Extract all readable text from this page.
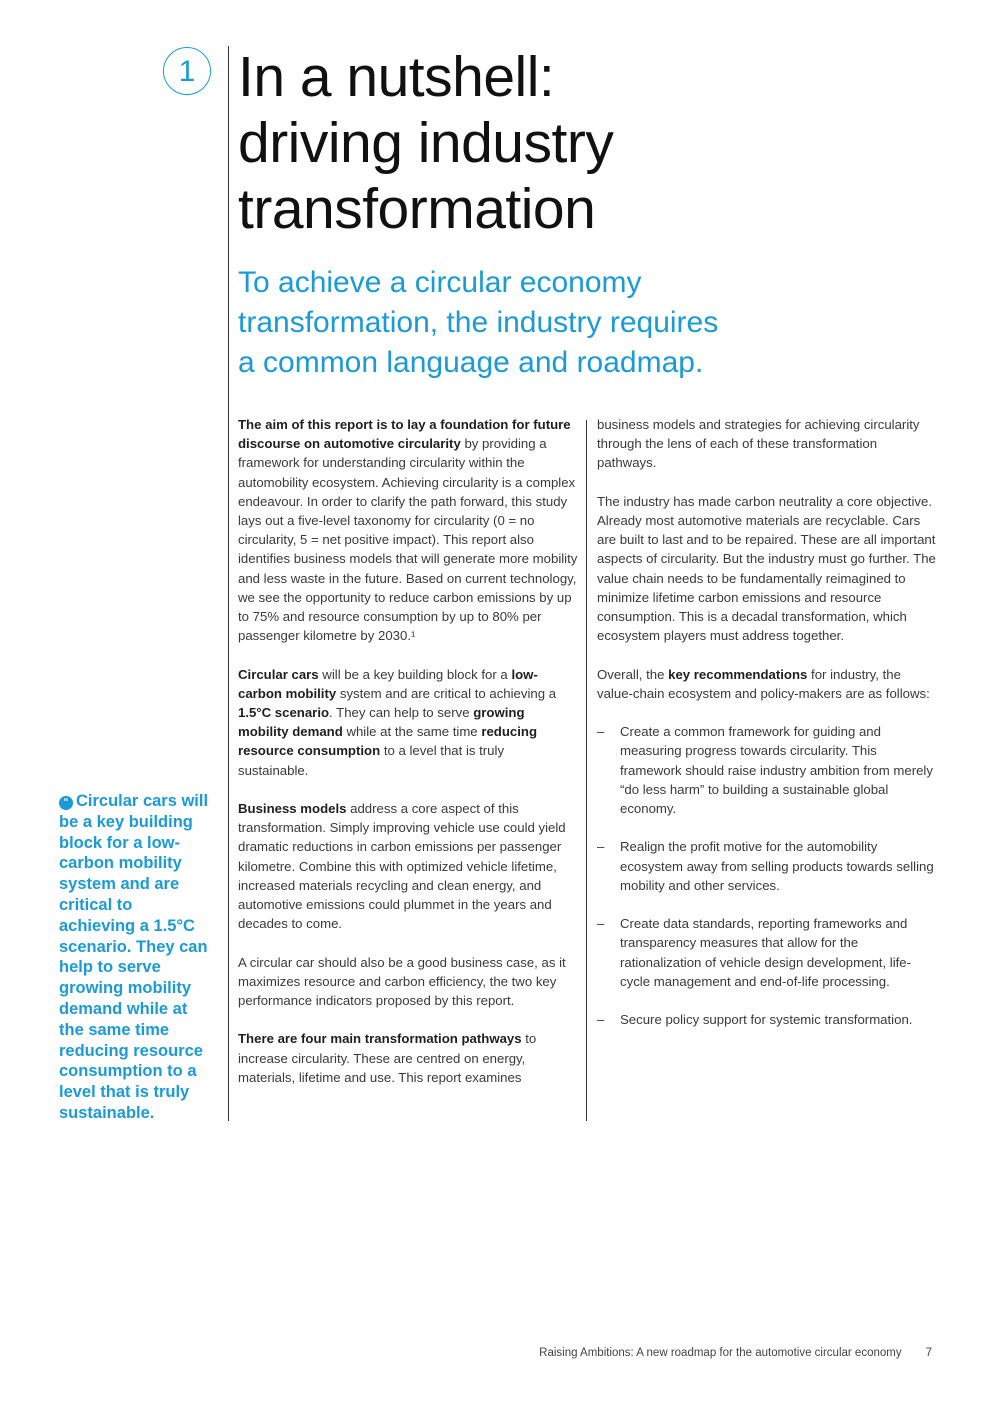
1 In a nutshell:
driving industry
transformation
To achieve a circular economy
transformation, the industry requires
a common language and roadmap.
“ Circular cars will be a key building block for a low-carbon mobility system and are critical to achieving a 1.5°C scenario. They can help to serve growing mobility demand while at the same time reducing resource consumption to a level that is truly sustainable.

The aim of this report is to lay a foundation for future discourse on automotive circularity by providing a framework for understanding circularity within the automobility ecosystem. Achieving circularity is a complex endeavour. In order to clarify the path forward, this study lays out a five-level taxonomy for circularity (0 = no circularity, 5 = net positive impact). This report also identifies business models that will generate more mobility and less waste in the future. Based on current technology, we see the opportunity to reduce carbon emissions by up to 75% and resource consumption by up to 80% per passenger kilometre by 2030.¹

Circular cars will be a key building block for a low-carbon mobility system and are critical to achieving a 1.5°C scenario. They can help to serve growing mobility demand while at the same time reducing resource consumption to a level that is truly sustainable.

Business models address a core aspect of this transformation. Simply improving vehicle use could yield dramatic reductions in carbon emissions per passenger kilometre. Combine this with optimized vehicle lifetime, increased materials recycling and clean energy, and automotive emissions could plummet in the years and decades to come.

A circular car should also be a good business case, as it maximizes resource and carbon efficiency, the two key performance indicators proposed by this report.

There are four main transformation pathways to increase circularity. These are centred on energy, materials, lifetime and use. This report examines

business models and strategies for achieving circularity through the lens of each of these transformation pathways.

The industry has made carbon neutrality a core objective. Already most automotive materials are recyclable. Cars are built to last and to be repaired. These are all important aspects of circularity. But the industry must go further. The value chain needs to be fundamentally reimagined to minimize lifetime carbon emissions and resource consumption. This is a decadal transformation, which ecosystem players must address together.

Overall, the key recommendations for industry, the value-chain ecosystem and policy-makers are as follows:

– Create a common framework for guiding and measuring progress towards circularity. This framework should raise industry ambition from merely “do less harm” to building a sustainable global economy.
– Realign the profit motive for the automobility ecosystem away from selling products towards selling mobility and other services.
– Create data standards, reporting frameworks and transparency measures that allow for the rationalization of vehicle design development, life-cycle management and end-of-life processing.
– Secure policy support for systemic transformation.
Raising Ambitions: A new roadmap for the automotive circular economy 7
